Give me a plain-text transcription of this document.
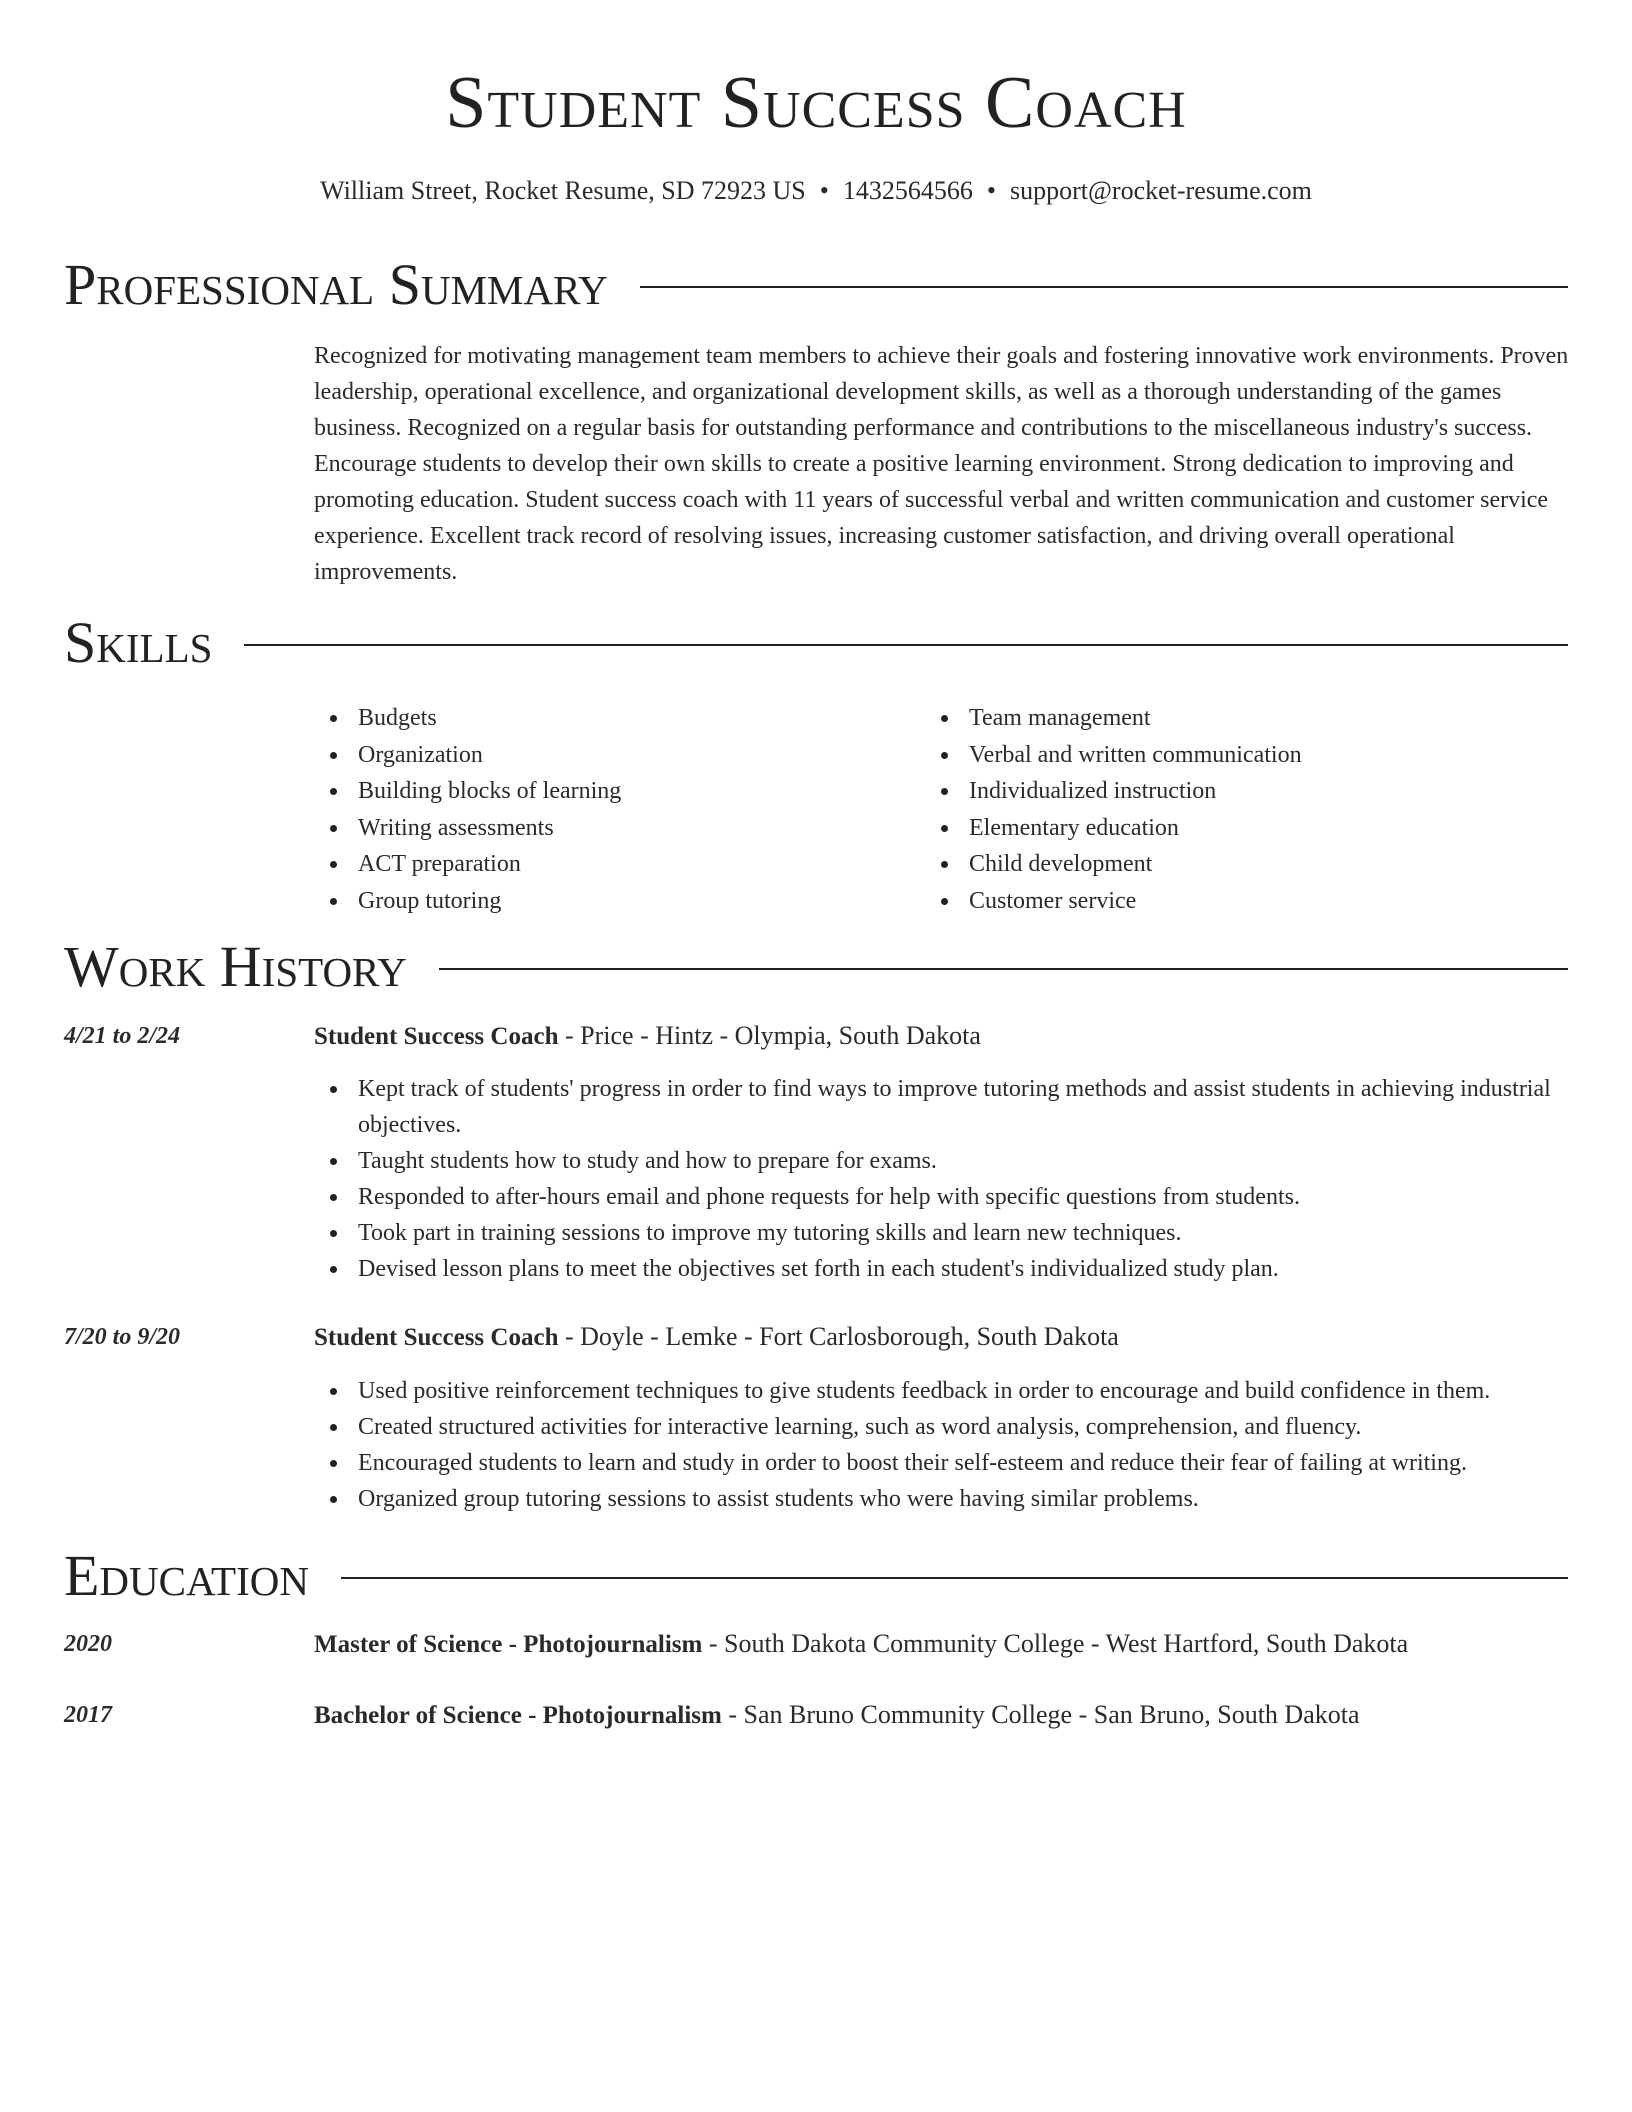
Student Success Coach
William Street, Rocket Resume, SD 72923 US • 1432564566 • support@rocket-resume.com
Professional Summary
Recognized for motivating management team members to achieve their goals and fostering innovative work environments. Proven leadership, operational excellence, and organizational development skills, as well as a thorough understanding of the games business. Recognized on a regular basis for outstanding performance and contributions to the miscellaneous industry's success. Encourage students to develop their own skills to create a positive learning environment. Strong dedication to improving and promoting education. Student success coach with 11 years of successful verbal and written communication and customer service experience. Excellent track record of resolving issues, increasing customer satisfaction, and driving overall operational improvements.
Skills
Budgets
Organization
Building blocks of learning
Writing assessments
ACT preparation
Group tutoring
Team management
Verbal and written communication
Individualized instruction
Elementary education
Child development
Customer service
Work History
4/21 to 2/24	Student Success Coach - Price - Hintz - Olympia, South Dakota
Kept track of students' progress in order to find ways to improve tutoring methods and assist students in achieving industrial objectives.
Taught students how to study and how to prepare for exams.
Responded to after-hours email and phone requests for help with specific questions from students.
Took part in training sessions to improve my tutoring skills and learn new techniques.
Devised lesson plans to meet the objectives set forth in each student's individualized study plan.
7/20 to 9/20	Student Success Coach - Doyle - Lemke - Fort Carlosborough, South Dakota
Used positive reinforcement techniques to give students feedback in order to encourage and build confidence in them.
Created structured activities for interactive learning, such as word analysis, comprehension, and fluency.
Encouraged students to learn and study in order to boost their self-esteem and reduce their fear of failing at writing.
Organized group tutoring sessions to assist students who were having similar problems.
Education
2020	Master of Science - Photojournalism - South Dakota Community College - West Hartford, South Dakota
2017	Bachelor of Science - Photojournalism - San Bruno Community College - San Bruno, South Dakota
